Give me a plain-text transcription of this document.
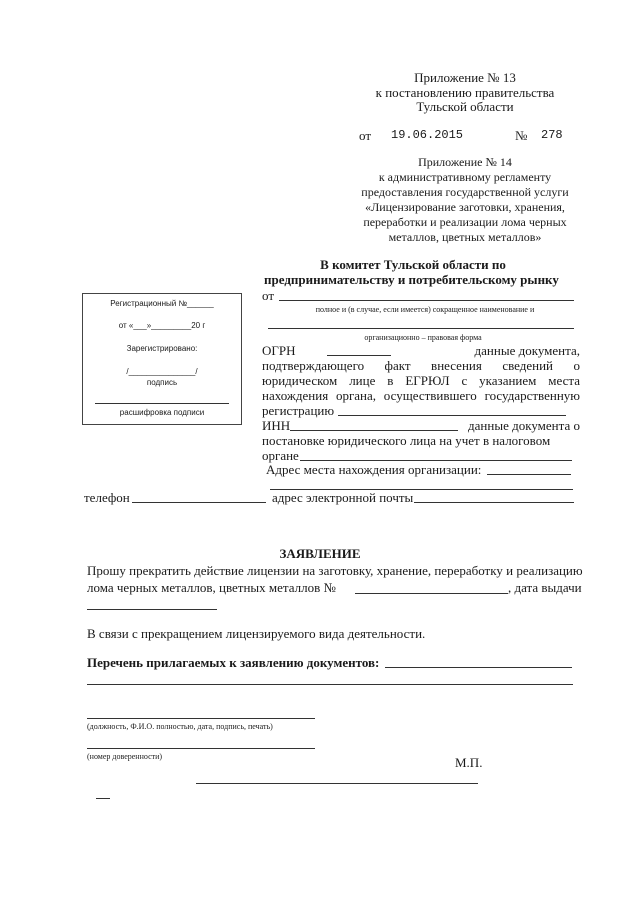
Приложение № 13
к постановлению правительства
Тульской области
от 19.06.2015	№ 278
Приложение № 14
к административному регламенту
предоставления государственной услуги
«Лицензирование заготовки, хранения,
переработки и реализации лома черных
металлов, цветных металлов»
В комитет Тульской области по
предпринимательству и потребительскому рынку
от
полное и (в случае, если имеется) сокращенное наименование и
организационно – правовая форма
Регистрационный №______
от «___»_________20 г
Зарегистрировано:
/_______________/
подпись
расшифровка подписи
ОГРН	данные документа,
подтверждающего факт внесения сведений о
юридическом лице в ЕГРЮЛ с указанием места
нахождения органа, осуществившего государственную
регистрацию
ИНН	данные документа о
постановке юридического лица на учет в налоговом
органе
Адрес места нахождения организации:
телефон	адрес электронной почты
ЗАЯВЛЕНИЕ
Прошу прекратить действие лицензии на заготовку, хранение, переработку и реализацию
лома черных металлов, цветных металлов №	, дата выдачи
В связи с прекращением лицензируемого вида деятельности.
Перечень прилагаемых к заявлению документов:
(должность, Ф.И.О. полностью, дата, подпись, печать)
(номер доверенности)	М.П.
